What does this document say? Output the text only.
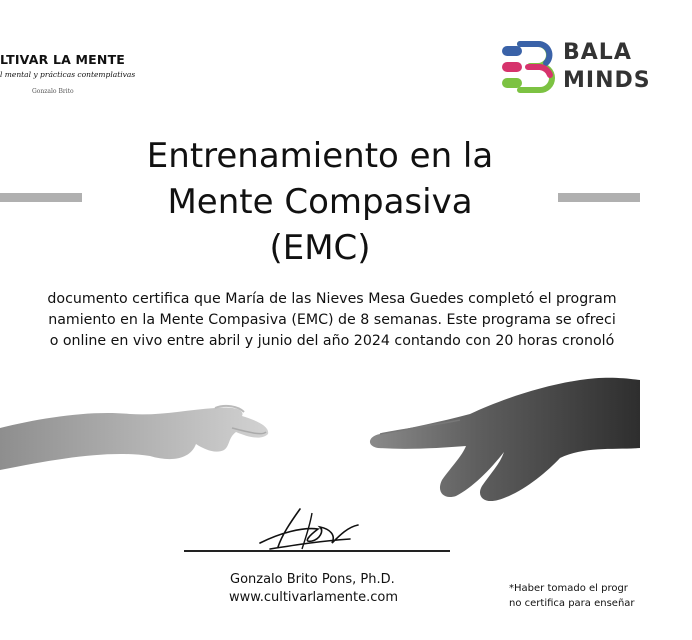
LTIVAR LA MENTE
l mental y prácticas contemplativas
Gonzalo Brito
BALA
MINDS
Entrenamiento en la
Mente Compasiva
(EMC)
documento certifica que María de las Nieves Mesa Guedes completó el program
namiento en la Mente Compasiva (EMC) de 8 semanas. Este programa se ofreci
o online en vivo entre abril y junio del año 2024 contando con 20 horas cronoló
Gonzalo Brito Pons, Ph.D.
www.cultivarlamente.com
*Haber tomado el progr
no certifica para enseñar
